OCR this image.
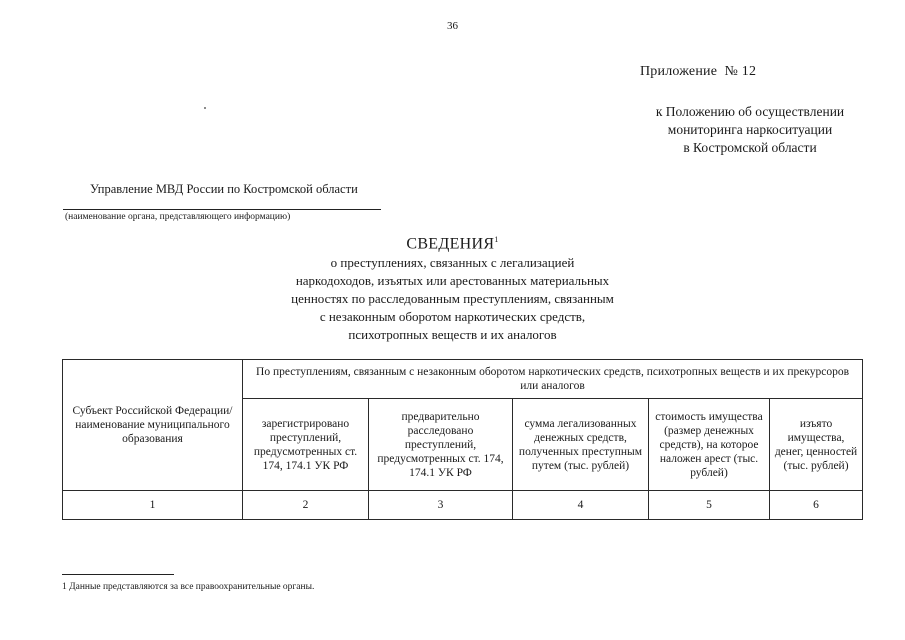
36
Приложение № 12
к Положению об осуществлении
мониторинга наркоситуации
в Костромской области
Управление МВД России по Костромской области
(наименование органа, представляющего информацию)
СВЕДЕНИЯ$^1$
о преступлениях, связанных с легализацией
наркодоходов, изъятых или арестованных материальных
ценностях по расследованным преступлениям, связанным
с незаконным оборотом наркотических средств,
психотропных веществ и их аналогов
Субъект Российской Федерации/наименование муниципального образования	По преступлениям, связанным с незаконным оборотом наркотических средств, психотропных веществ и их прекурсоров или аналогов				
	зарегистрировано преступлений, предусмотренных ст. 174, 174.1 УК РФ	предварительно расследовано преступлений, предусмотренных ст. 174, 174.1 УК РФ	сумма легализованных денежных средств, полученных преступным путем (тыс. рублей)	стоимость имущества (размер денежных средств), на которое наложен арест (тыс. рублей)	изъято имущества, денег, ценностей (тыс. рублей)
1	2	3	4	5	6
1 Данные представляются за все правоохранительные органы.
